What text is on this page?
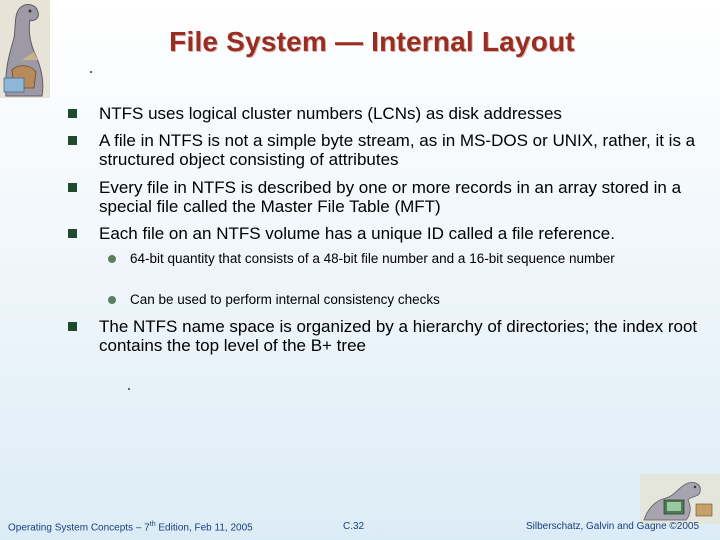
File System — Internal Layout
NTFS uses logical cluster numbers (LCNs) as disk addresses
A file in NTFS is not a simple byte stream, as in MS-DOS or UNIX, rather, it is a structured object consisting of attributes
Every file in NTFS is described by one or more records in an array stored in a special file called the Master File Table (MFT)
Each file on an NTFS volume has a unique ID called a file reference.
64-bit quantity that consists of a 48-bit file number and a 16-bit sequence number
Can be used to perform internal consistency checks
The NTFS name space is organized by a hierarchy of directories; the index root contains the top level of the B+ tree
Operating System Concepts – 7th Edition, Feb 11, 2005	C.32	Silberschatz, Galvin and Gagne ©2005
